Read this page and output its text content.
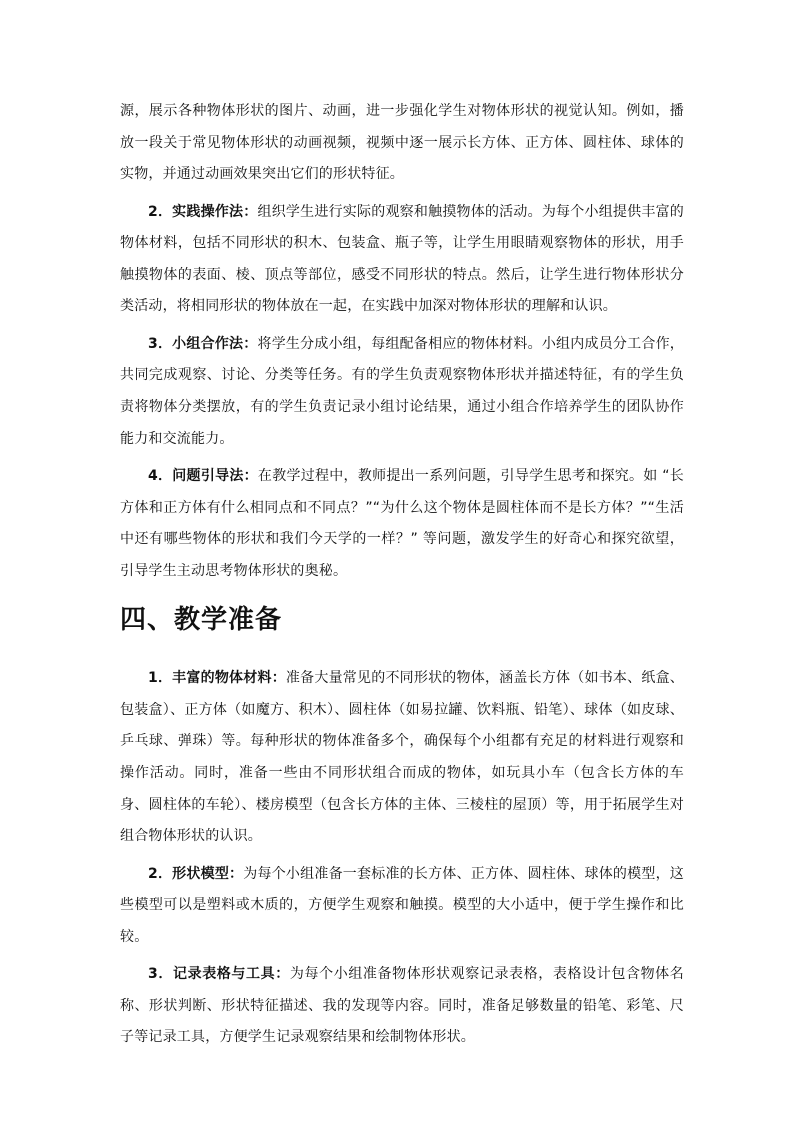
源，展示各种物体形状的图片、动画，进一步强化学生对物体形状的视觉认知。例如，播放一段关于常见物体形状的动画视频，视频中逐一展示长方体、正方体、圆柱体、球体的实物，并通过动画效果突出它们的形状特征。

2．实践操作法：组织学生进行实际的观察和触摸物体的活动。为每个小组提供丰富的物体材料，包括不同形状的积木、包装盒、瓶子等，让学生用眼睛观察物体的形状，用手触摸物体的表面、棱、顶点等部位，感受不同形状的特点。然后，让学生进行物体形状分类活动，将相同形状的物体放在一起，在实践中加深对物体形状的理解和认识。

3．小组合作法：将学生分成小组，每组配备相应的物体材料。小组内成员分工合作，共同完成观察、讨论、分类等任务。有的学生负责观察物体形状并描述特征，有的学生负责将物体分类摆放，有的学生负责记录小组讨论结果，通过小组合作培养学生的团队协作能力和交流能力。

4．问题引导法：在教学过程中，教师提出一系列问题，引导学生思考和探究。如 “长方体和正方体有什么相同点和不同点？”“为什么这个物体是圆柱体而不是长方体？”“生活中还有哪些物体的形状和我们今天学的一样？” 等问题，激发学生的好奇心和探究欲望，引导学生主动思考物体形状的奥秘。

四、教学准备

1．丰富的物体材料：准备大量常见的不同形状的物体，涵盖长方体（如书本、纸盒、包装盒）、正方体（如魔方、积木）、圆柱体（如易拉罐、饮料瓶、铅笔）、球体（如皮球、乒乓球、弹珠）等。每种形状的物体准备多个，确保每个小组都有充足的材料进行观察和操作活动。同时，准备一些由不同形状组合而成的物体，如玩具小车（包含长方体的车身、圆柱体的车轮）、楼房模型（包含长方体的主体、三棱柱的屋顶）等，用于拓展学生对组合物体形状的认识。

2．形状模型：为每个小组准备一套标准的长方体、正方体、圆柱体、球体的模型，这些模型可以是塑料或木质的，方便学生观察和触摸。模型的大小适中，便于学生操作和比较。

3．记录表格与工具：为每个小组准备物体形状观察记录表格，表格设计包含物体名称、形状判断、形状特征描述、我的发现等内容。同时，准备足够数量的铅笔、彩笔、尺子等记录工具，方便学生记录观察结果和绘制物体形状。
